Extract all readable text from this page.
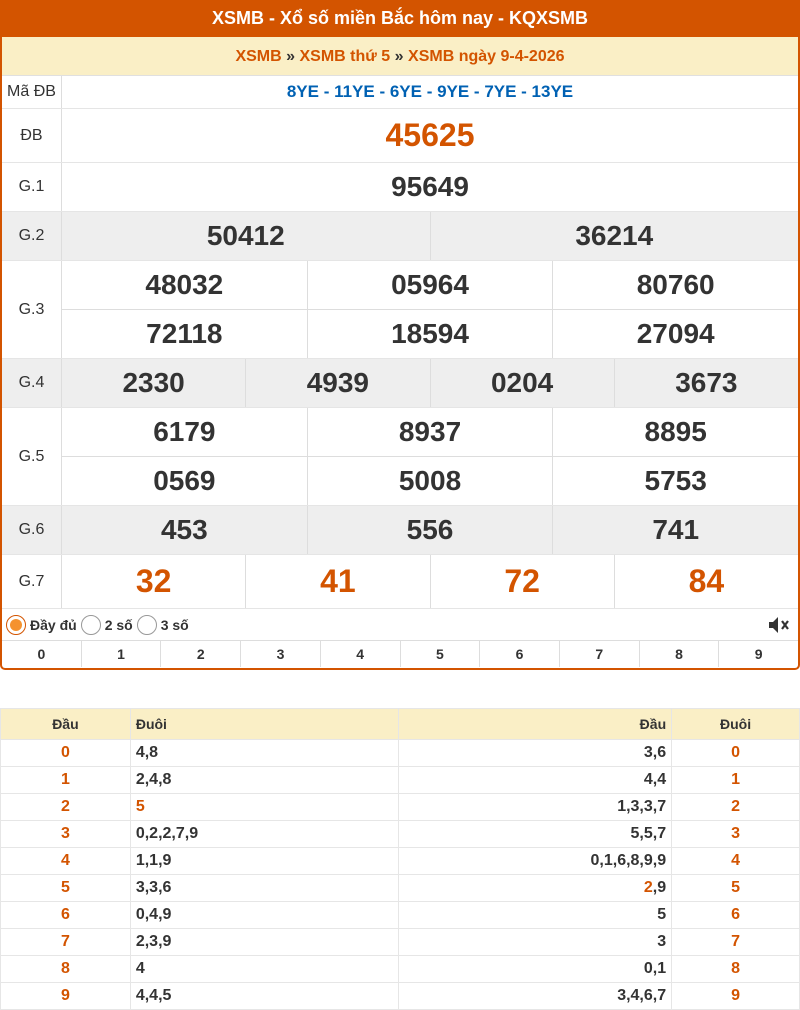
XSMB - Xổ số miền Bắc hôm nay - KQXSMB
XSMB » XSMB thứ 5 » XSMB ngày 9-4-2026
Mã ĐB	8YE - 11YE - 6YE - 9YE - 7YE - 13YE
ĐB	45625
G.1	95649
G.2	50412	36214
G.3
48032	05964	80760
72118	18594	27094
G.4	2330	4939	0204	3673
G.5
6179	8937	8895
0569	5008	5753
G.6	453	556	741
G.7	32	41	72	84
Đầy đủ 2 số 3 số
0	1	2	3	4	5	6	7	8	9
Đầu	Đuôi	Đầu	Đuôi
0	4,8	3,6	0
1	2,4,8	4,4	1
2	5	1,3,3,7	2
3	0,2,2,7,9	5,5,7	3
4	1,1,9	0,1,6,8,9,9	4
5	3,3,6	2,9	5
6	0,4,9	5	6
7	2,3,9	3	7
8	4	0,1	8
9	4,4,5	3,4,6,7	9
